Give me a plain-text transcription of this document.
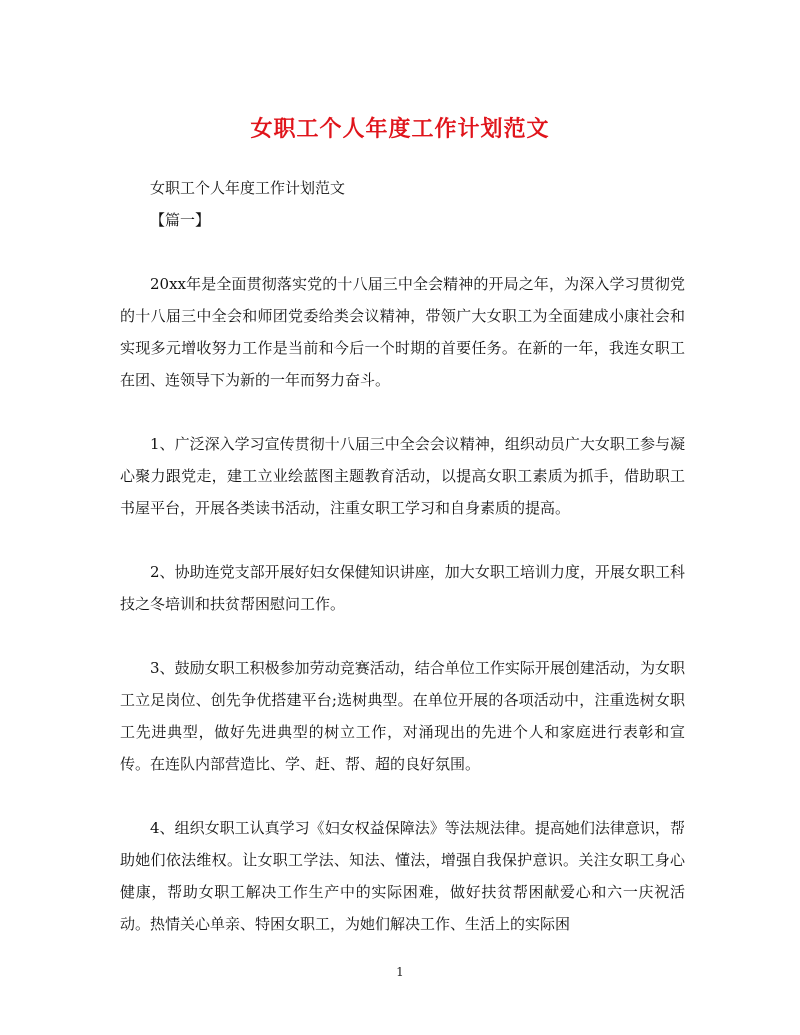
女职工个人年度工作计划范文
女职工个人年度工作计划范文
【篇一】

20xx年是全面贯彻落实党的十八届三中全会精神的开局之年，为深入学习贯彻党的十八届三中全会和师团党委给类会议精神，带领广大女职工为全面建成小康社会和实现多元增收努力工作是当前和今后一个时期的首要任务。在新的一年，我连女职工在团、连领导下为新的一年而努力奋斗。

1、广泛深入学习宣传贯彻十八届三中全会会议精神，组织动员广大女职工参与凝心聚力跟党走，建工立业绘蓝图主题教育活动，以提高女职工素质为抓手，借助职工书屋平台，开展各类读书活动，注重女职工学习和自身素质的提高。

2、协助连党支部开展好妇女保健知识讲座，加大女职工培训力度，开展女职工科技之冬培训和扶贫帮困慰问工作。

3、鼓励女职工积极参加劳动竞赛活动，结合单位工作实际开展创建活动，为女职工立足岗位、创先争优搭建平台;选树典型。在单位开展的各项活动中，注重选树女职工先进典型，做好先进典型的树立工作，对涌现出的先进个人和家庭进行表彰和宣传。在连队内部营造比、学、赶、帮、超的良好氛围。

4、组织女职工认真学习《妇女权益保障法》等法规法律。提高她们法律意识，帮助她们依法维权。让女职工学法、知法、懂法，增强自我保护意识。关注女职工身心健康，帮助女职工解决工作生产中的实际困难，做好扶贫帮困献爱心和六一庆祝活动。热情关心单亲、特困女职工，为她们解决工作、生活上的实际困

1
